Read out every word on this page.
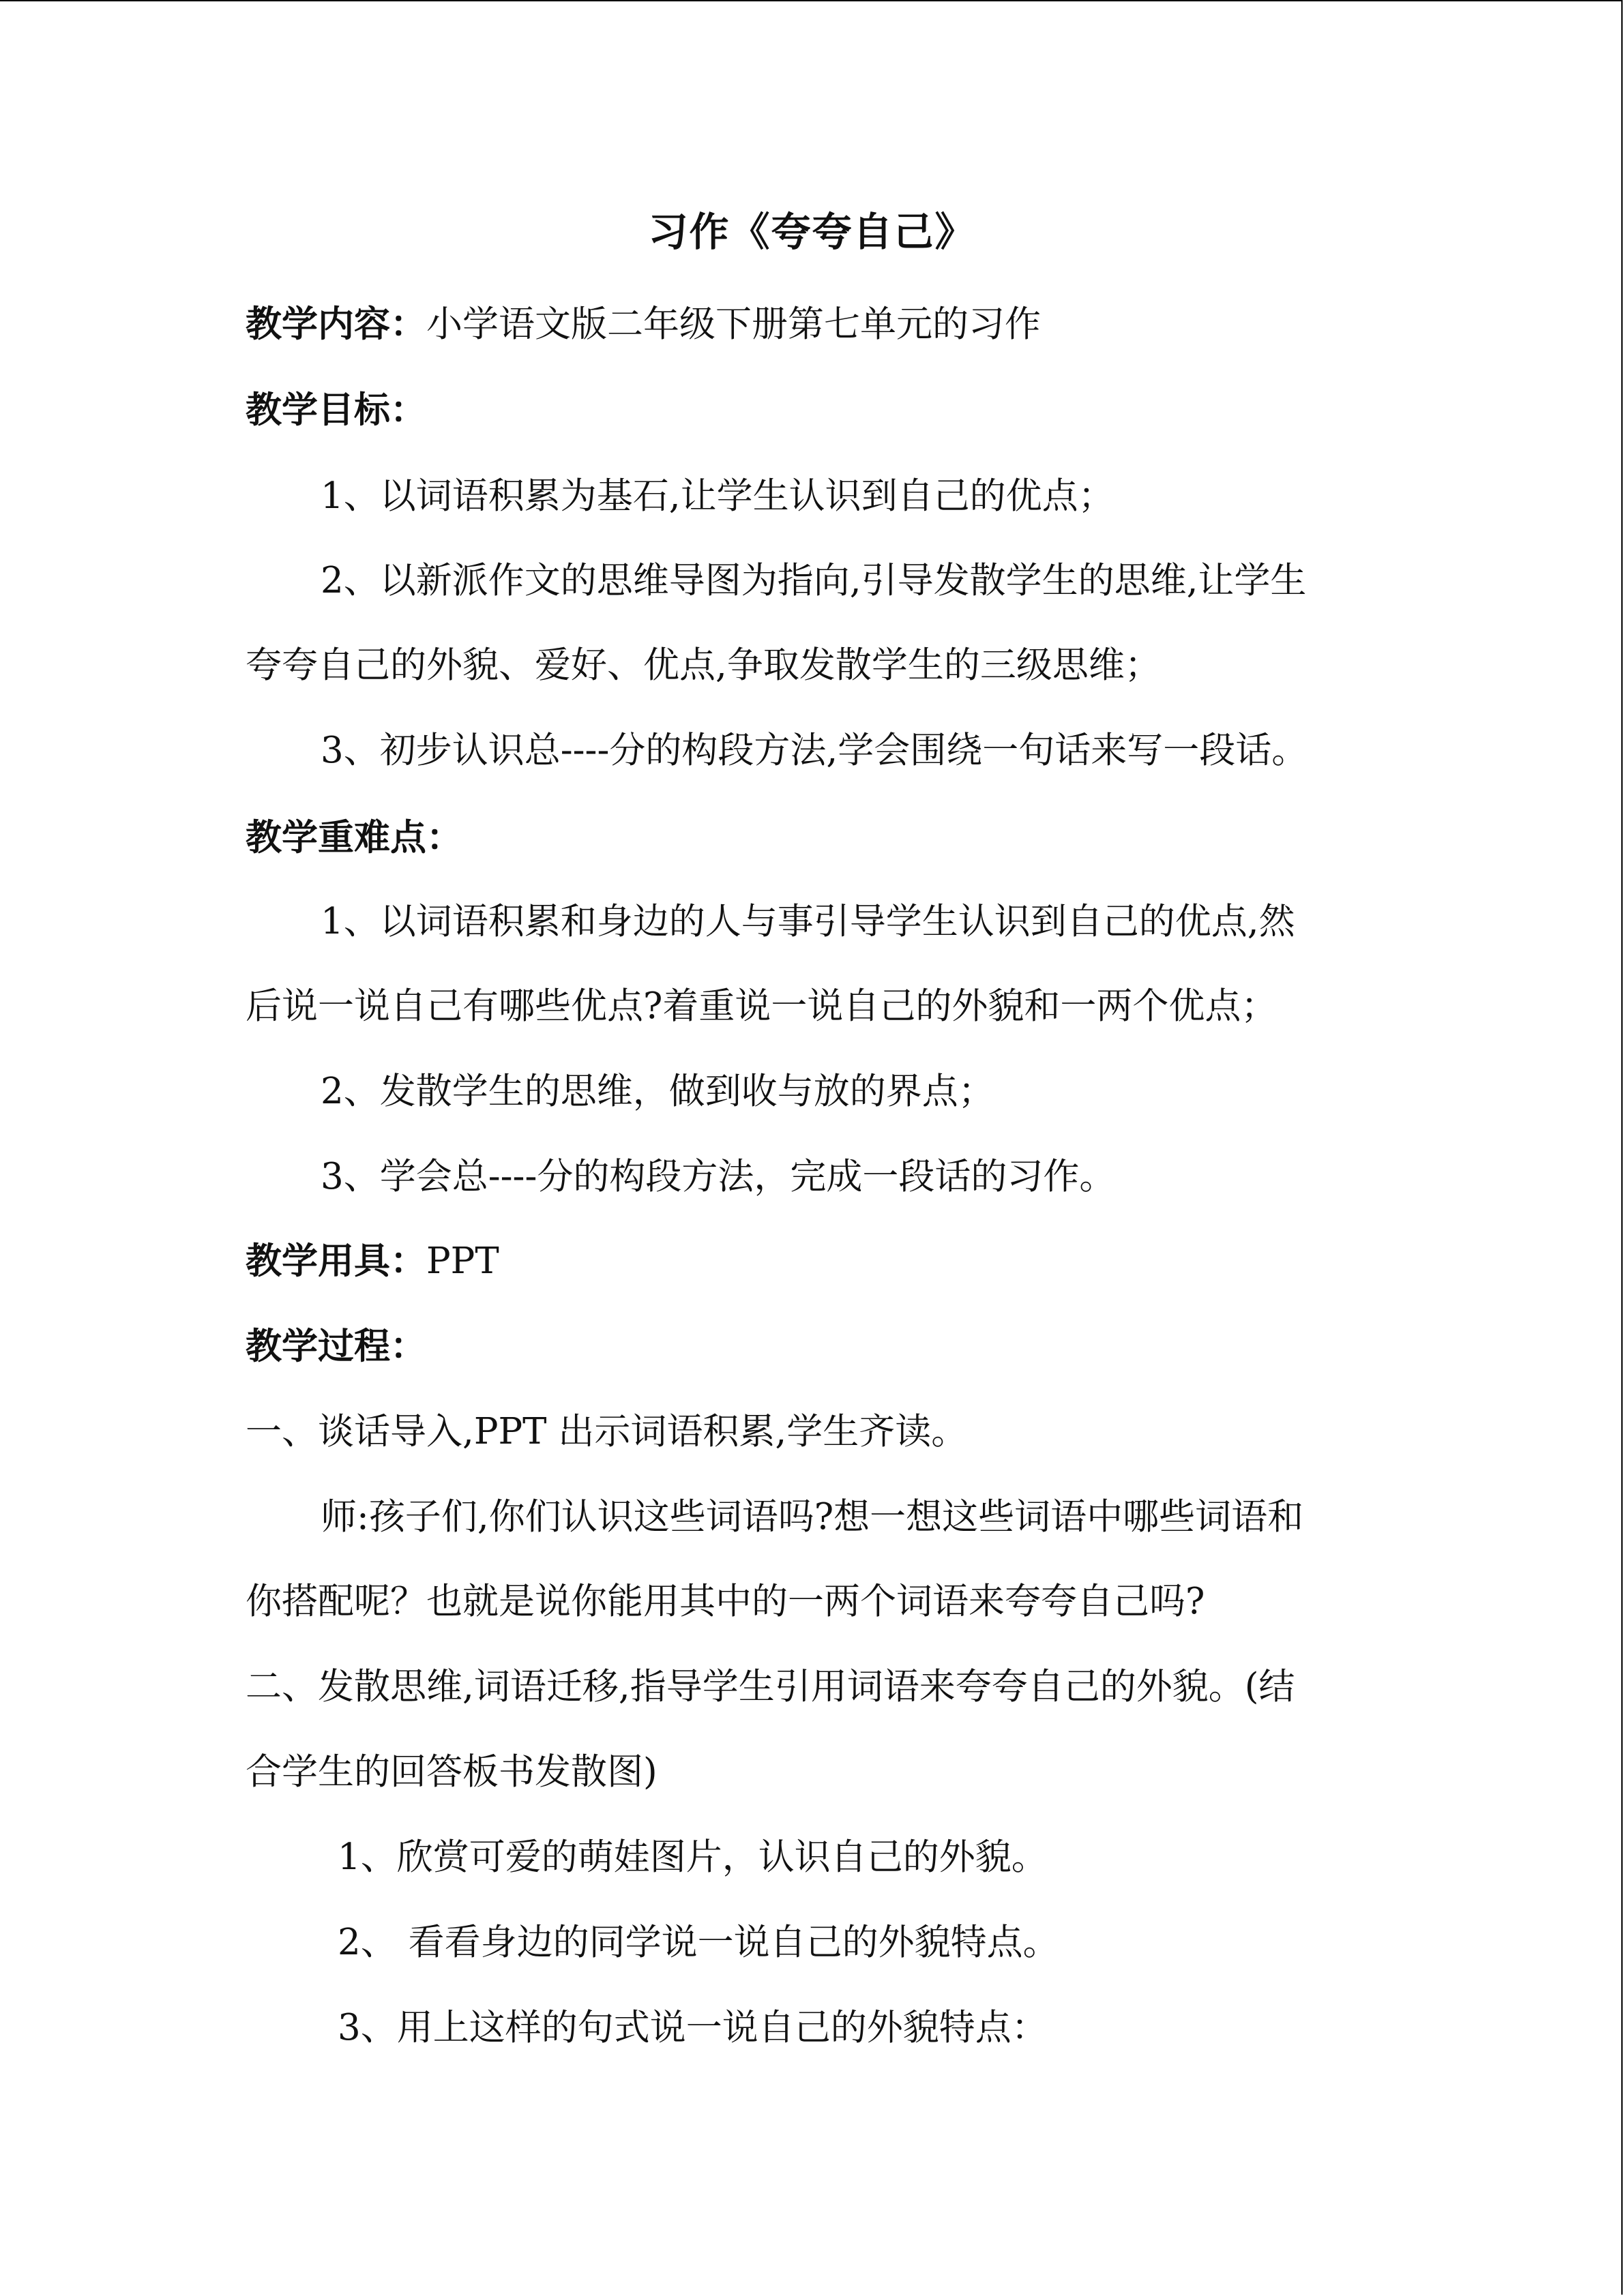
习作《夸夸自己》
教学内容：小学语文版二年级下册第七单元的习作
教学目标：
1、以词语积累为基石,让学生认识到自己的优点；
2、以新派作文的思维导图为指向,引导发散学生的思维,让学生
夸夸自己的外貌、爱好、优点,争取发散学生的三级思维；
3、初步认识总----分的构段方法,学会围绕一句话来写一段话。
教学重难点：
1、以词语积累和身边的人与事引导学生认识到自己的优点,然
后说一说自己有哪些优点?着重说一说自己的外貌和一两个优点；
2、发散学生的思维，做到收与放的界点；
3、学会总----分的构段方法，完成一段话的习作。
教学用具：PPT
教学过程：
一、谈话导入,PPT 出示词语积累,学生齐读。
师:孩子们,你们认识这些词语吗?想一想这些词语中哪些词语和
你搭配呢？也就是说你能用其中的一两个词语来夸夸自己吗?
二、发散思维,词语迁移,指导学生引用词语来夸夸自己的外貌。(结
合学生的回答板书发散图)
1、欣赏可爱的萌娃图片，认识自己的外貌。
2、 看看身边的同学说一说自己的外貌特点。
3、用上这样的句式说一说自己的外貌特点：
